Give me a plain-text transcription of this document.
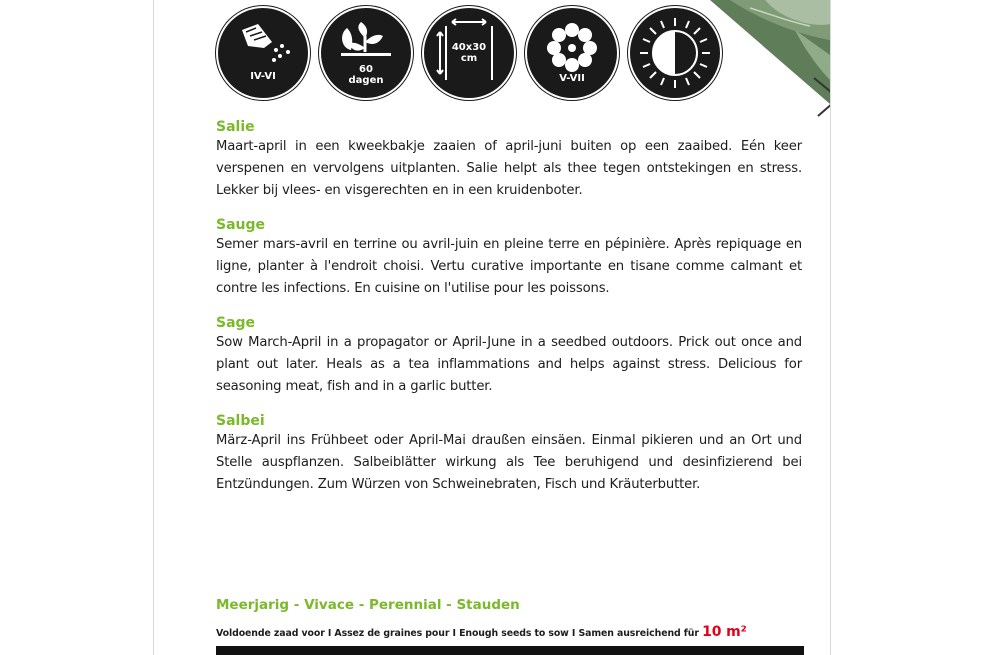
IV-VI
60
dagen
40x30
cm
V-VII
Salie

Maart-april in een kweekbakje zaaien of april-juni buiten op een zaaibed. Eén keer verspenen en vervolgens uitplanten. Salie helpt als thee tegen ontstekingen en stress. Lekker bij vlees- en visgerechten en in een kruidenboter.

Sauge

Semer mars-avril en terrine ou avril-juin en pleine terre en pépinière. Après repiquage en ligne, planter à l'endroit choisi. Vertu curative importante en tisane comme calmant et contre les infections. En cuisine on l'utilise pour les poissons.

Sage

Sow March-April in a propagator or April-June in a seedbed outdoors. Prick out once and plant out later. Heals as a tea inflammations and helps against stress. Delicious for seasoning meat, fish and in a garlic butter.

Salbei

März-April ins Frühbeet oder April-Mai draußen einsäen. Einmal pikieren und an Ort und Stelle auspflanzen. Salbeiblätter wirkung als Tee beruhigend und desinfizierend bei Entzündungen. Zum Würzen von Schweinebraten, Fisch und Kräuterbutter.

Meerjarig - Vivace - Perennial - Stauden
Voldoende zaad voor I Assez de graines pour I Enough seeds to sow I Samen ausreichend für 10 m²
